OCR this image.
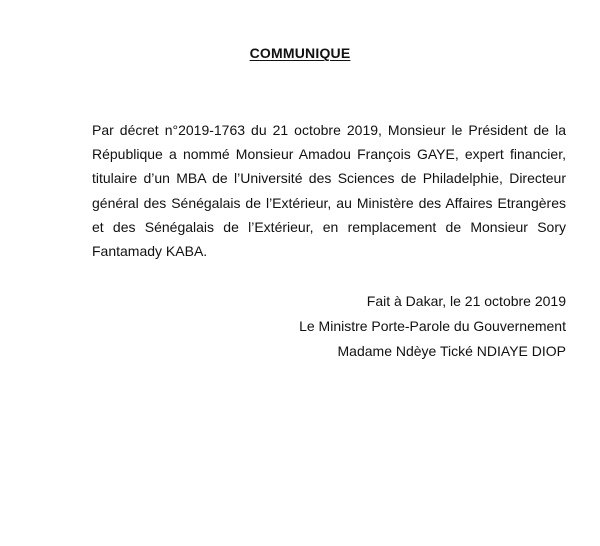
COMMUNIQUE

Par décret n°2019-1763 du 21 octobre 2019, Monsieur le Président de la République a nommé Monsieur Amadou François GAYE, expert financier, titulaire d’un MBA de l’Université des Sciences de Philadelphie, Directeur général des Sénégalais de l’Extérieur, au Ministère des Affaires Etrangères et des Sénégalais de l’Extérieur, en remplacement de Monsieur Sory Fantamady KABA.

Fait à Dakar, le 21 octobre 2019
Le Ministre Porte-Parole du Gouvernement
Madame Ndèye Tické NDIAYE DIOP
